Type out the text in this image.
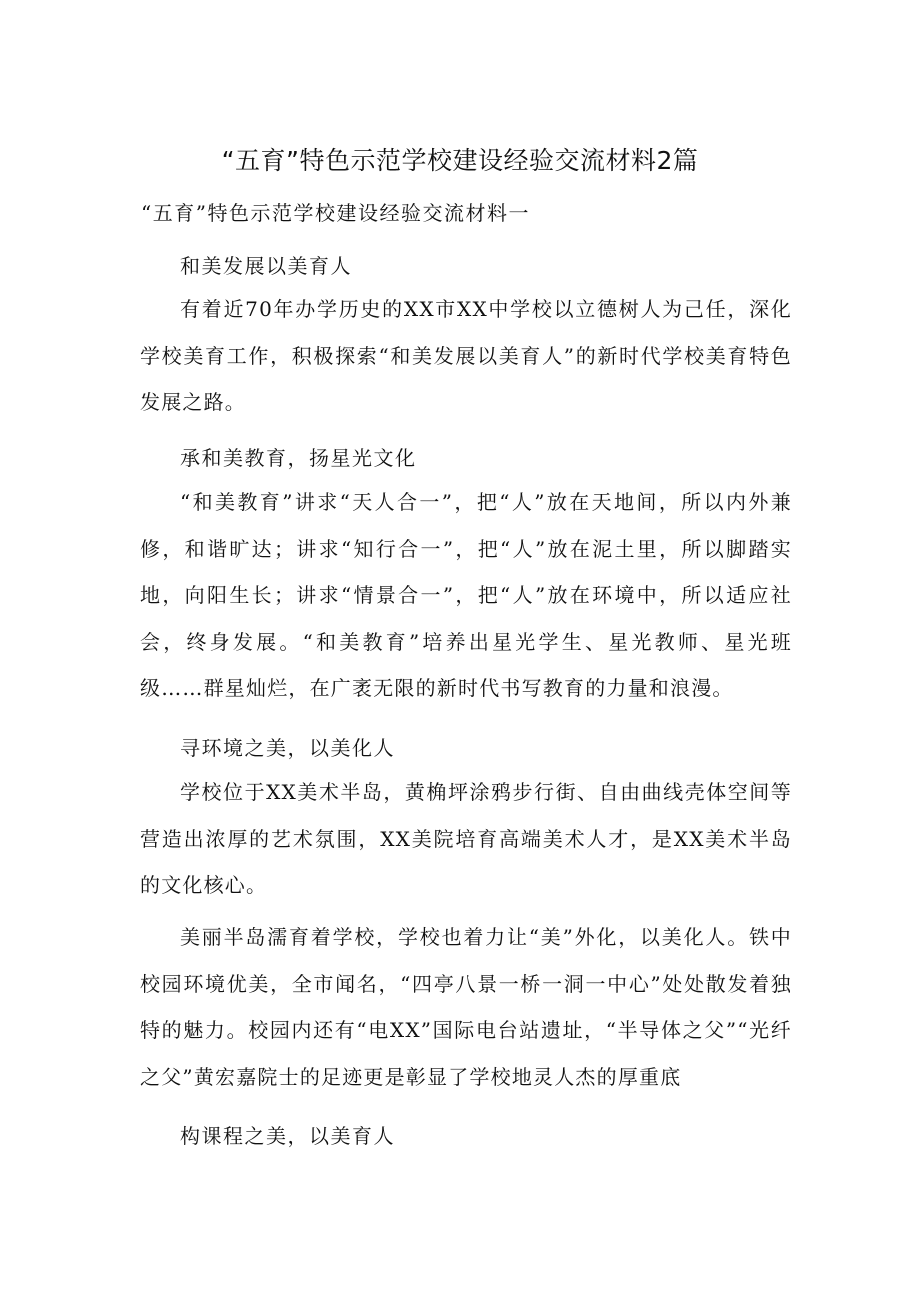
“五育”特色示范学校建设经验交流材料2篇
“五育”特色示范学校建设经验交流材料一
和美发展以美育人

有着近70年办学历史的XX市XX中学校以立德树人为己任，深化学校美育工作，积极探索“和美发展以美育人”的新时代学校美育特色发展之路。

承和美教育，扬星光文化

“和美教育”讲求“天人合一”，把“人”放在天地间，所以内外兼修，和谐旷达；讲求“知行合一”，把“人”放在泥土里，所以脚踏实地，向阳生长；讲求“情景合一”，把“人”放在环境中，所以适应社会，终身发展。“和美教育”培养出星光学生、星光教师、星光班级……群星灿烂，在广袤无限的新时代书写教育的力量和浪漫。

寻环境之美，以美化人

学校位于XX美术半岛，黄桷坪涂鸦步行街、自由曲线壳体空间等营造出浓厚的艺术氛围，XX美院培育高端美术人才，是XX美术半岛的文化核心。

美丽半岛濡育着学校，学校也着力让“美”外化，以美化人。铁中校园环境优美，全市闻名，“四亭八景一桥一洞一中心”处处散发着独特的魅力。校园内还有“电XX”国际电台站遗址，“半导体之父”“光纤之父”黄宏嘉院士的足迹更是彰显了学校地灵人杰的厚重底

构课程之美，以美育人
